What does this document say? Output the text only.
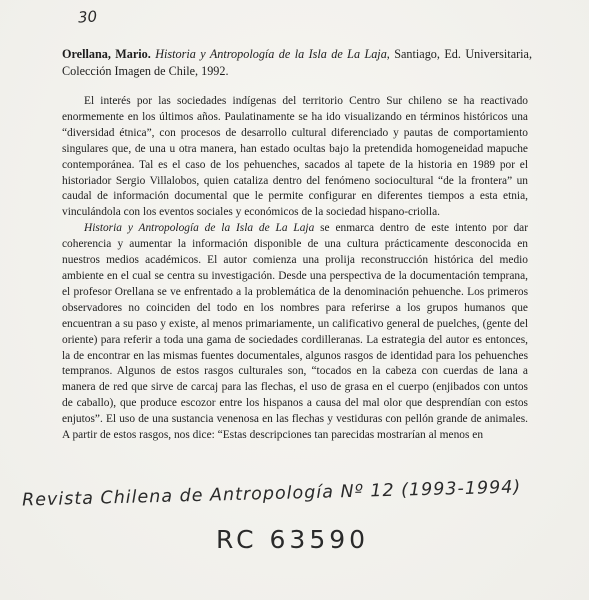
30
Orellana, Mario. Historia y Antropología de la Isla de La Laja, Santiago, Ed. Universitaria, Colección Imagen de Chile, 1992.

El interés por las sociedades indígenas del territorio Centro Sur chileno se ha reactivado enormemente en los últimos años. Paulatinamente se ha ido visualizando en términos históricos una “diversidad étnica”, con procesos de desarrollo cultural diferenciado y pautas de comportamiento singulares que, de una u otra manera, han estado ocultas bajo la pretendida homogeneidad mapuche contemporánea. Tal es el caso de los pehuenches, sacados al tapete de la historia en 1989 por el historiador Sergio Villalobos, quien cataliza dentro del fenómeno sociocultural “de la frontera” un caudal de información documental que le permite configurar en diferentes tiempos a esta etnia, vinculándola con los eventos sociales y económicos de la sociedad hispano-criolla.

Historia y Antropología de la Isla de La Laja se enmarca dentro de este intento por dar coherencia y aumentar la información disponible de una cultura prácticamente desconocida en nuestros medios académicos. El autor comienza una prolija reconstrucción histórica del medio ambiente en el cual se centra su investigación. Desde una perspectiva de la documentación temprana, el profesor Orellana se ve enfrentado a la problemática de la denominación pehuenche. Los primeros observadores no coinciden del todo en los nombres para referirse a los grupos humanos que encuentran a su paso y existe, al menos primariamente, un calificativo general de puelches, (gente del oriente) para referir a toda una gama de sociedades cordilleranas. La estrategia del autor es entonces, la de encontrar en las mismas fuentes documentales, algunos rasgos de identidad para los pehuenches tempranos. Algunos de estos rasgos culturales son, “tocados en la cabeza con cuerdas de lana a manera de red que sirve de carcaj para las flechas, el uso de grasa en el cuerpo (enjibados con untos de caballo), que produce escozor entre los hispanos a causa del mal olor que desprendían con estos enjutos”. El uso de una sustancia venenosa en las flechas y vestiduras con pellón grande de animales. A partir de estos rasgos, nos dice: “Estas descripciones tan parecidas mostrarían al menos en

Revista Chilena de Antropología Nº 12 (1993-1994)
RC 63590
